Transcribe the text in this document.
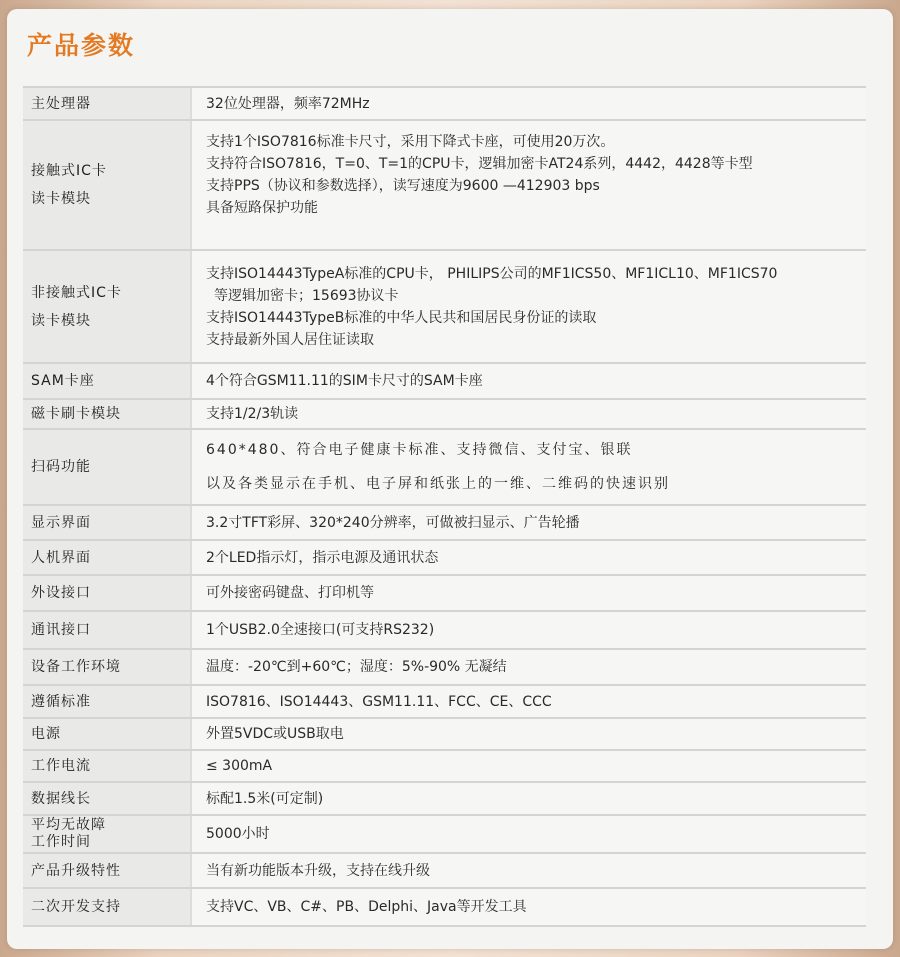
产品参数
主处理器	32位处理器，频率72MHz

接触式IC卡
读卡模块	支持1个ISO7816标准卡尺寸，采用下降式卡座，可使用20万次。
支持符合ISO7816，T=0、T=1的CPU卡，逻辑加密卡AT24系列，4442，4428等卡型
支持PPS（协议和参数选择），读写速度为9600 —412903 bps
具备短路保护功能

非接触式IC卡
读卡模块	支持ISO14443TypeA标准的CPU卡， PHILIPS公司的MF1ICS50、MF1ICL10、MF1ICS70
等逻辑加密卡；15693协议卡
支持ISO14443TypeB标准的中华人民共和国居民身份证的读取
支持最新外国人居住证读取

SAM卡座	4个符合GSM11.11的SIM卡尺寸的SAM卡座

磁卡刷卡模块	支持1/2/3轨读

扫码功能	640*480、符合电子健康卡标准、支持微信、支付宝、银联
以及各类显示在手机、电子屏和纸张上的一维、二维码的快速识别

显示界面	3.2寸TFT彩屏、320*240分辨率，可做被扫显示、广告轮播

人机界面	2个LED指示灯，指示电源及通讯状态

外设接口	可外接密码键盘、打印机等

通讯接口	1个USB2.0全速接口(可支持RS232)

设备工作环境	温度：-20℃到+60℃；湿度：5%-90% 无凝结

遵循标准	ISO7816、ISO14443、GSM11.11、FCC、CE、CCC

电源	外置5VDC或USB取电

工作电流	≤ 300mA

数据线长	标配1.5米(可定制)

平均无故障
工作时间	5000小时

产品升级特性	当有新功能版本升级，支持在线升级

二次开发支持	支持VC、VB、C#、PB、Delphi、Java等开发工具
